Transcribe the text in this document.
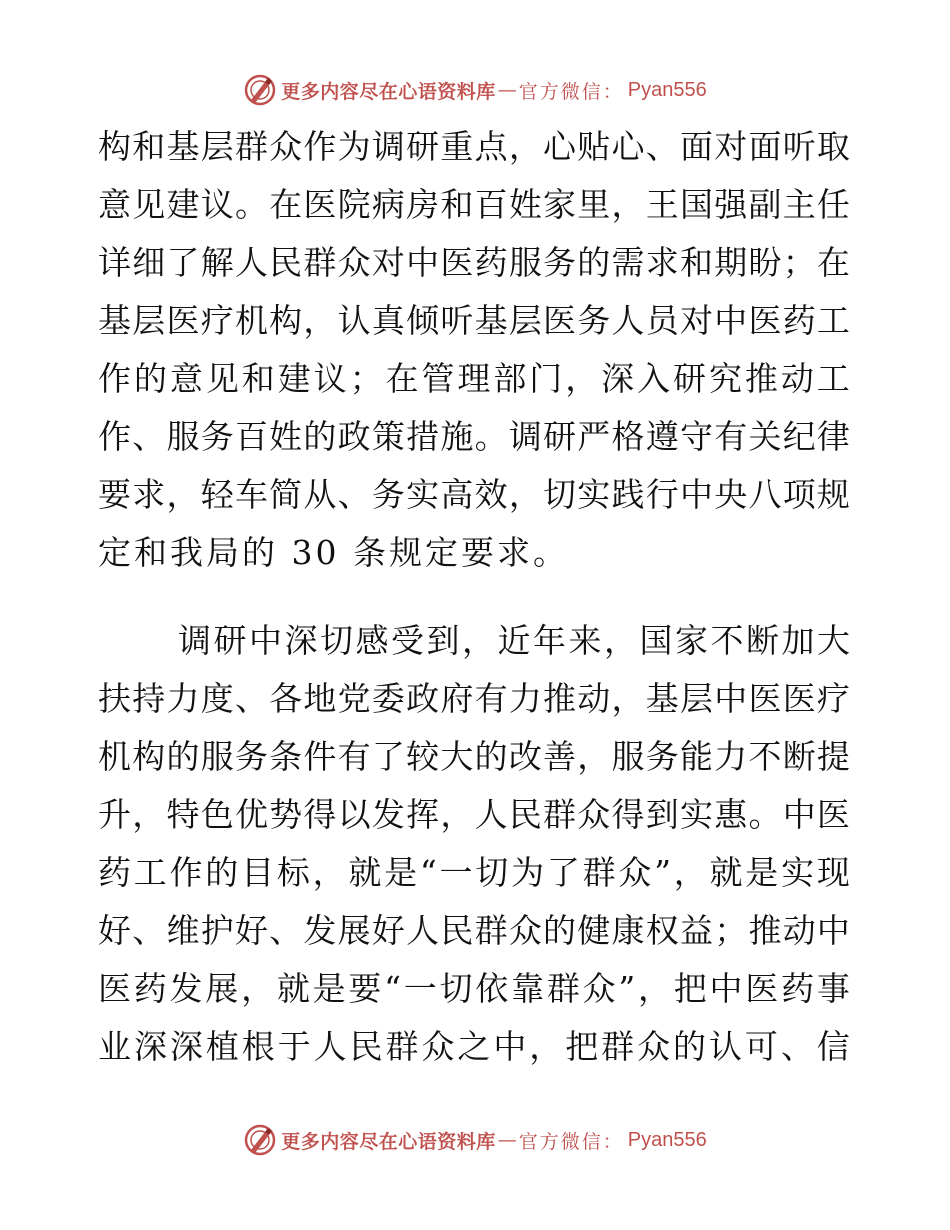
更多内容尽在心语资料库 — 官方微信： Pyan556
构 和 基 层 群 众 作 为 调 研 重 点 ， 心 贴 心 、 面 对 面 听 取
意 见 建 议 。 在 医 院 病 房 和 百 姓 家 里 ， 王 国 强 副 主 任
详 细 了 解 人 民 群 众 对 中 医 药 服 务 的 需 求 和 期 盼 ； 在
基 层 医 疗 机 构 ， 认 真 倾 听 基 层 医 务 人 员 对 中 医 药 工
作 的 意 见 和 建 议 ； 在 管 理 部 门 ， 深 入 研 究 推 动 工
作 、 服 务 百 姓 的 政 策 措 施 。 调 研 严 格 遵 守 有 关 纪 律
要 求 ， 轻 车 简 从 、 务 实 高 效 ， 切 实 践 行 中 央 八 项 规
定和我局的 30 条规定要求。
调 研 中 深 切 感 受 到 ， 近 年 来 ， 国 家 不 断 加 大
扶 持 力 度 、 各 地 党 委 政 府 有 力 推 动 ， 基 层 中 医 医 疗
机 构 的 服 务 条 件 有 了 较 大 的 改 善 ， 服 务 能 力 不 断 提
升 ， 特 色 优 势 得 以 发 挥 ， 人 民 群 众 得 到 实 惠 。 中 医
药 工 作 的 目 标 ， 就 是 “ 一 切 为 了 群 众 ” ， 就 是 实 现
好 、 维 护 好 、 发 展 好 人 民 群 众 的 健 康 权 益 ； 推 动 中
医 药 发 展 ， 就 是 要 “ 一 切 依 靠 群 众 ” ， 把 中 医 药 事
业 深 深 植 根 于 人 民 群 众 之 中 ， 把 群 众 的 认 可 、 信
更多内容尽在心语资料库 — 官方微信： Pyan556
